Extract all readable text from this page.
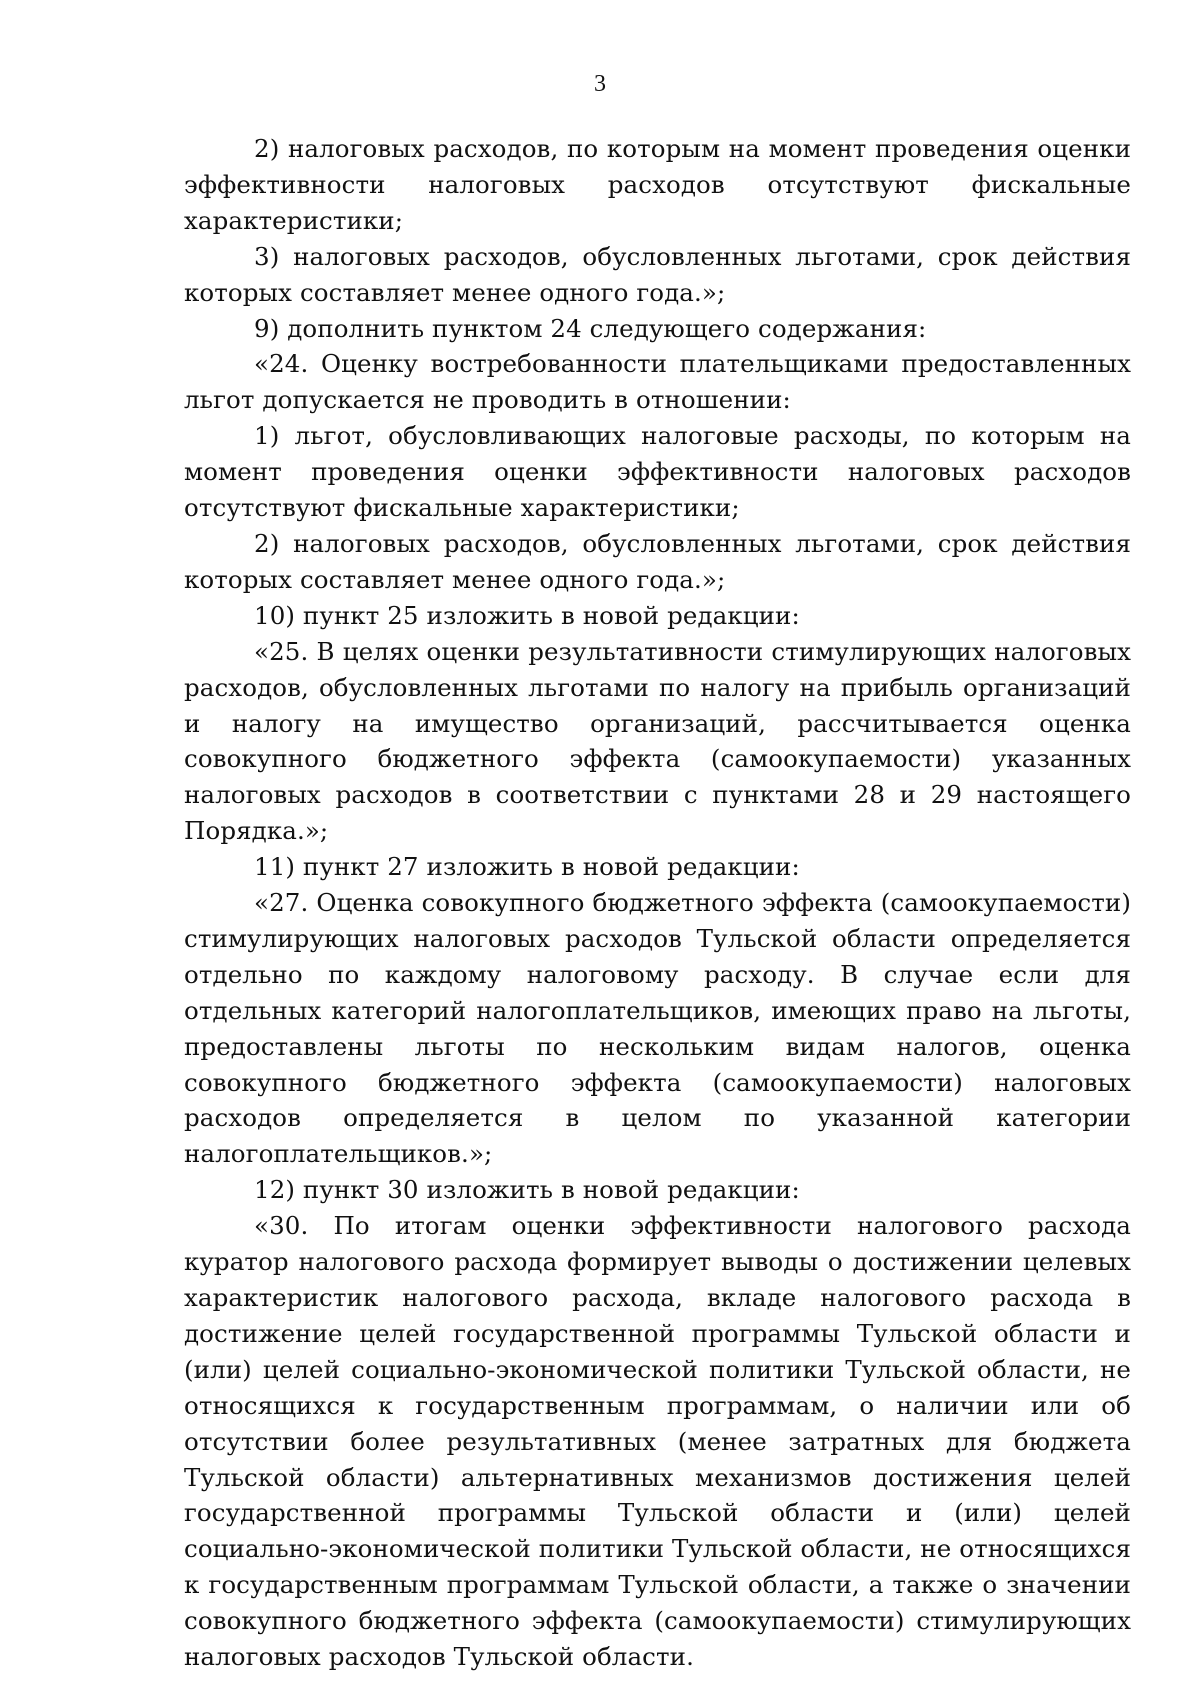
3

2) налоговых расходов, по которым на момент проведения оценки эффективности налоговых расходов отсутствуют фискальные характеристики;

3) налоговых расходов, обусловленных льготами, срок действия которых составляет менее одного года.»;

9) дополнить пунктом 24 следующего содержания:

«24. Оценку востребованности плательщиками предоставленных льгот допускается не проводить в отношении:

1) льгот, обусловливающих налоговые расходы, по которым на момент проведения оценки эффективности налоговых расходов отсутствуют фискальные характеристики;

2) налоговых расходов, обусловленных льготами, срок действия которых составляет менее одного года.»;

10) пункт 25 изложить в новой редакции:

«25. В целях оценки результативности стимулирующих налоговых расходов, обусловленных льготами по налогу на прибыль организаций и налогу на имущество организаций, рассчитывается оценка совокупного бюджетного эффекта (самоокупаемости) указанных налоговых расходов в соответствии с пунктами 28 и 29 настоящего Порядка.»;

11) пункт 27 изложить в новой редакции:

«27. Оценка совокупного бюджетного эффекта (самоокупаемости) стимулирующих налоговых расходов Тульской области определяется отдельно по каждому налоговому расходу. В случае если для отдельных категорий налогоплательщиков, имеющих право на льготы, предоставлены льготы по нескольким видам налогов, оценка совокупного бюджетного эффекта (самоокупаемости) налоговых расходов определяется в целом по указанной категории налогоплательщиков.»;

12) пункт 30 изложить в новой редакции:

«30. По итогам оценки эффективности налогового расхода куратор налогового расхода формирует выводы о достижении целевых характеристик налогового расхода, вкладе налогового расхода в достижение целей государственной программы Тульской области и (или) целей социально-экономической политики Тульской области, не относящихся к государственным программам, о наличии или об отсутствии более результативных (менее затратных для бюджета Тульской области) альтернативных механизмов достижения целей государственной программы Тульской области и (или) целей социально-экономической политики Тульской области, не относящихся к государственным программам Тульской области, а также о значении совокупного бюджетного эффекта (самоокупаемости) стимулирующих налоговых расходов Тульской области.
